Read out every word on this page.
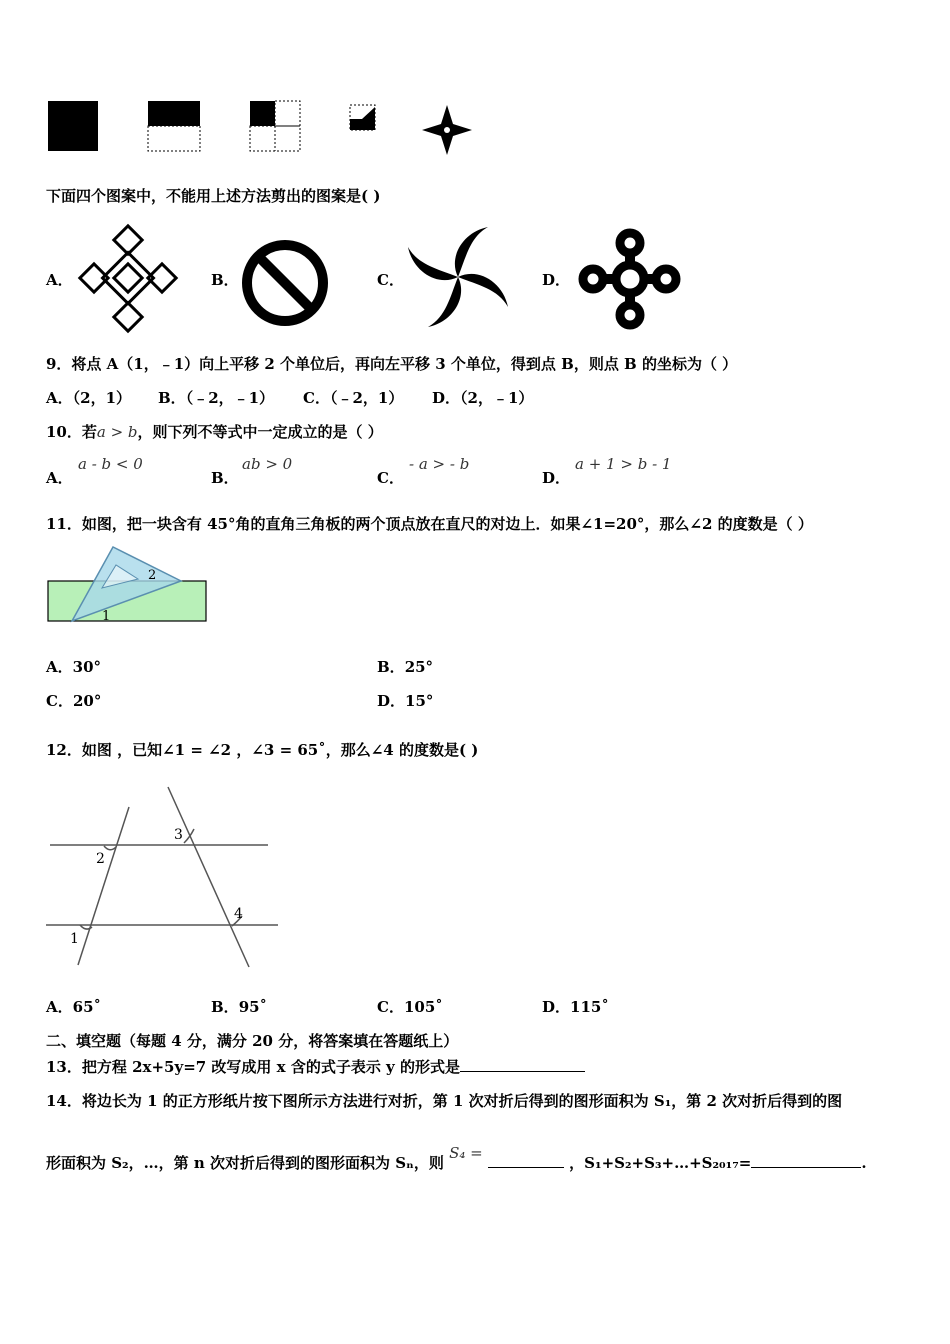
下面四个图案中，不能用上述方法剪出的图案是( )
A．	B．	C．	D．
9．将点 A（1，﹣1）向上平移 2 个单位后，再向左平移 3 个单位，得到点 B，则点 B 的坐标为（ ）
A．（2，1） B．（﹣2，﹣1） C．（﹣2，1） D．（2，﹣1）
10．若a > b，则下列不等式中一定成立的是（ ）
A．
a - b < 0
B．
ab > 0
C．
- a > - b
D．
a + 1 > b - 1
11．如图，把一块含有 45°角的直角三角板的两个顶点放在直尺的对边上．如果∠1=20°，那么∠2 的度数是（ ）
2
1
A．30°	B．25°
C．20°	D．15°
12．如图 ，已知∠1 = ∠2 ，∠3 = 65˚，那么∠4 的度数是( )
3
2
4
1
A．65˚	B．95˚	C．105˚	D．115˚
二、填空题（每题 4 分，满分 20 分，将答案填在答题纸上）
13．把方程 2x+5y=7 改写成用 x 含的式子表示 y 的形式是
14．将边长为 1 的正方形纸片按下图所示方法进行对折，第 1 次对折后得到的图形面积为 S₁，第 2 次对折后得到的图
形面积为 S₂，…，第 n 次对折后得到的图形面积为 Sₙ，则 S₄ =  ，S₁+S₂+S₃+…+S₂₀₁₇=	.
